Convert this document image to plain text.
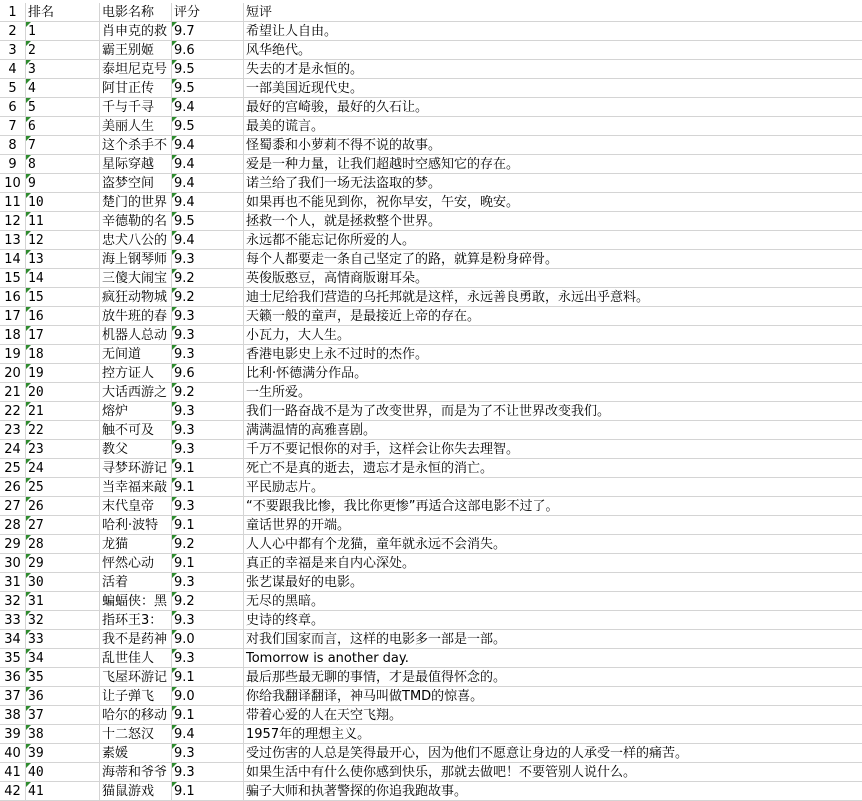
1 排名	电影名称	评分	短评
2 1	肖申克的救 9.7	希望让人自由。
3 2	霸王别姬	9.6	风华绝代。
4 3	泰坦尼克号 9.5	失去的才是永恒的。
5 4	阿甘正传	9.5	一部美国近现代史。
6 5	千与千寻	9.4	最好的宫崎骏，最好的久石让。
7 6	美丽人生	9.5	最美的谎言。
8 7	这个杀手不 9.4	怪蜀黍和小萝莉不得不说的故事。
9 8	星际穿越	9.4	爱是一种力量，让我们超越时空感知它的存在。
10 9	盗梦空间	9.4	诺兰给了我们一场无法盗取的梦。
11 10	楚门的世界 9.4	如果再也不能见到你，祝你早安，午安，晚安。
12 11	辛德勒的名 9.5	拯救一个人，就是拯救整个世界。
13 12	忠犬八公的 9.4	永远都不能忘记你所爱的人。
14 13	海上钢琴师 9.3	每个人都要走一条自己坚定了的路，就算是粉身碎骨。
15 14	三傻大闹宝 9.2	英俊版憨豆，高情商版谢耳朵。
16 15	疯狂动物城 9.2	迪士尼给我们营造的乌托邦就是这样，永远善良勇敢，永远出乎意料。
17 16	放牛班的春 9.3	天籁一般的童声，是最接近上帝的存在。
18 17	机器人总动 9.3	小瓦力，大人生。
19 18	无间道	9.3	香港电影史上永不过时的杰作。
20 19	控方证人	9.6	比利·怀德满分作品。
21 20	大话西游之 9.2	一生所爱。
22 21	熔炉	9.3	我们一路奋战不是为了改变世界，而是为了不让世界改变我们。
23 22	触不可及	9.3	满满温情的高雅喜剧。
24 23	教父	9.3	千万不要记恨你的对手，这样会让你失去理智。
25 24	寻梦环游记 9.1	死亡不是真的逝去，遗忘才是永恒的消亡。
26 25	当幸福来敲 9.1	平民励志片。
27 26	末代皇帝	9.3	“不要跟我比惨，我比你更惨”再适合这部电影不过了。
28 27	哈利·波特	9.1	童话世界的开端。
29 28	龙猫	9.2	人人心中都有个龙猫，童年就永远不会消失。
30 29	怦然心动	9.1	真正的幸福是来自内心深处。
31 30	活着	9.3	张艺谋最好的电影。
32 31	蝙蝠侠：黑 9.2	无尽的黑暗。
33 32	指环王3： 9.3	史诗的终章。
34 33	我不是药神 9.0	对我们国家而言，这样的电影多一部是一部。
35 34	乱世佳人	9.3	Tomorrow is another day.
36 35	飞屋环游记 9.1	最后那些最无聊的事情，才是最值得怀念的。
37 36	让子弹飞	9.0	你给我翻译翻译，神马叫做TMD的惊喜。
38 37	哈尔的移动 9.1	带着心爱的人在天空飞翔。
39 38	十二怒汉	9.4	1957年的理想主义。
40 39	素媛	9.3	受过伤害的人总是笑得最开心，因为他们不愿意让身边的人承受一样的痛苦。
41 40	海蒂和爷爷 9.3	如果生活中有什么使你感到快乐，那就去做吧！不要管别人说什么。
42 41	猫鼠游戏	9.1	骗子大师和执著警探的你追我跑故事。
